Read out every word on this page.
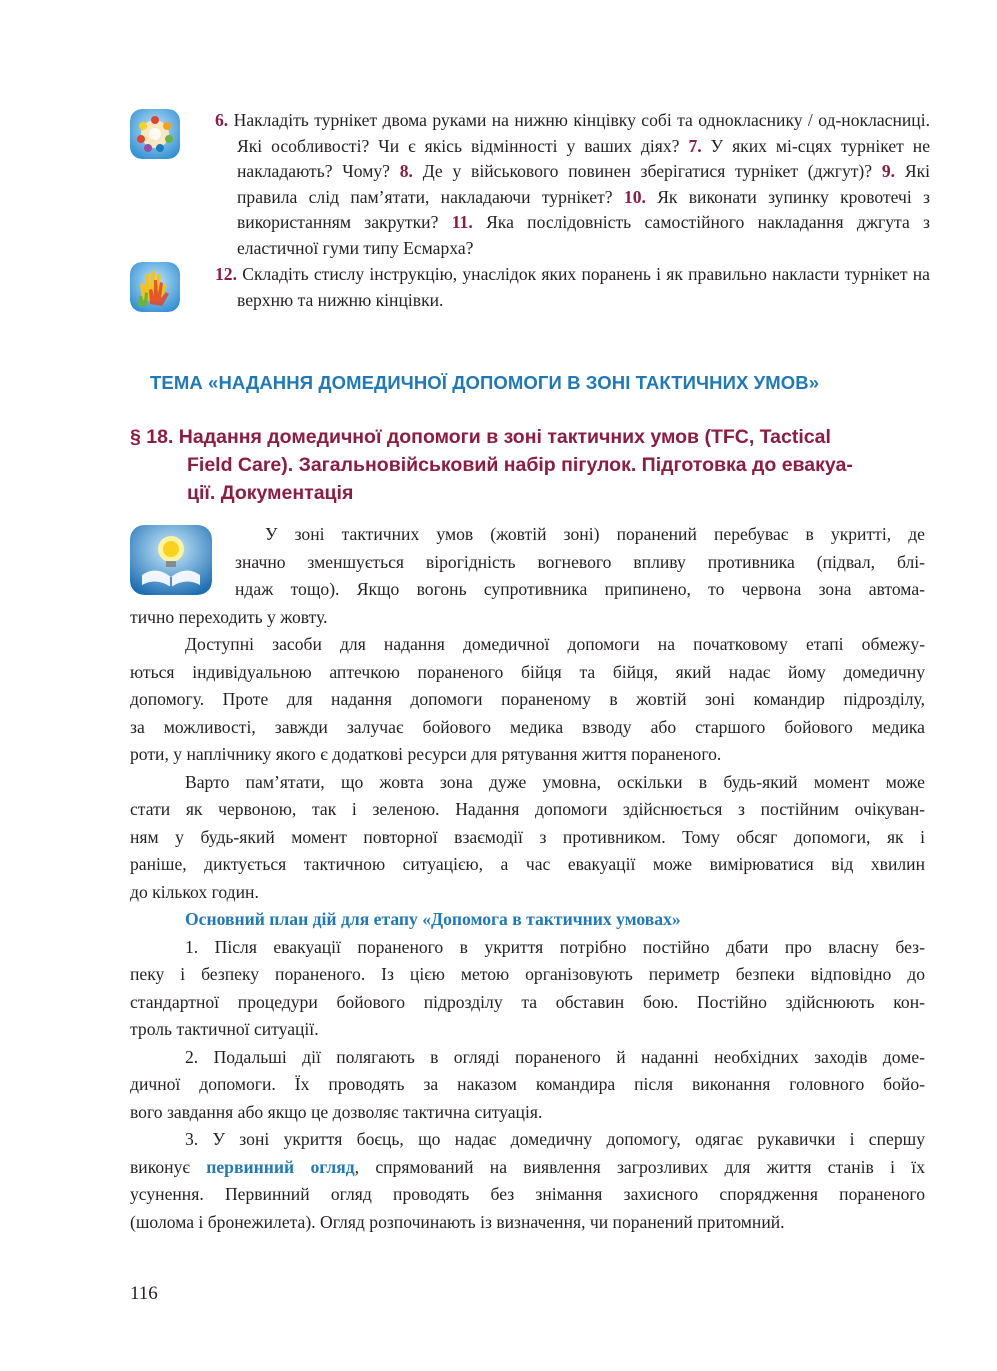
6. Накладіть турнікет двома руками на нижню кінцівку собі та однокласнику / од-нокласниці. Які особливості? Чи є якісь відмінності у ваших діях? 7. У яких мі-сцях турнікет не накладають? Чому? 8. Де у військового повинен зберігатися турнікет (джгут)? 9. Які правила слід пам’ятати, накладаючи турнікет? 10. Як виконати зупинку кровотечі з використанням закрутки? 11. Яка послідовність самостійного накладання джгута з еластичної гуми типу Есмарха?

12. Складіть стислу інструкцію, унаслідок яких поранень і як правильно накласти турнікет на верхню та нижню кінцівки.

ТЕМА «НАДАННЯ ДОМЕДИЧНОЇ ДОПОМОГИ В ЗОНІ ТАКТИЧНИХ УМОВ»
§ 18. Надання домедичної допомоги в зоні тактичних умов (TFC, Tactical
Field Care). Загальновійськовий набір пігулок. Підготовка до евакуа-
ції. Документація
У зоні тактичних умов (жовтій зоні) поранений перебуває в укритті, де
значно зменшується вірогідність вогневого впливу противника (підвал, блі-
ндаж тощо). Якщо вогонь супротивника припинено, то червона зона автома-
тично переходить у жовту.
Доступні засоби для надання домедичної допомоги на початковому етапі обмежу-
ються індивідуальною аптечкою пораненого бійця та бійця, який надає йому домедичну
допомогу. Проте для надання допомоги пораненому в жовтій зоні командир підрозділу,
за можливості, завжди залучає бойового медика взводу або старшого бойового медика
роти, у наплічнику якого є додаткові ресурси для рятування життя пораненого.
Варто пам’ятати, що жовта зона дуже умовна, оскільки в будь-який момент може
стати як червоною, так і зеленою. Надання допомоги здійснюється з постійним очікуван-
ням у будь-який момент повторної взаємодії з противником. Тому обсяг допомоги, як і
раніше, диктується тактичною ситуацією, а час евакуації може вимірюватися від хвилин
до кількох годин.
Основний план дій для етапу «Допомога в тактичних умовах»
1. Після евакуації пораненого в укриття потрібно постійно дбати про власну без-
пеку і безпеку пораненого. Із цією метою організовують периметр безпеки відповідно до
стандартної процедури бойового підрозділу та обставин бою. Постійно здійснюють кон-
троль тактичної ситуації.
2. Подальші дії полягають в огляді пораненого й наданні необхідних заходів доме-
дичної допомоги. Їх проводять за наказом командира після виконання головного бойо-
вого завдання або якщо це дозволяє тактична ситуація.
3. У зоні укриття боєць, що надає домедичну допомогу, одягає рукавички і спершу
виконує первинний огляд, спрямований на виявлення загрозливих для життя станів і їх
усунення. Первинний огляд проводять без знімання захисного спорядження пораненого
(шолома і бронежилета). Огляд розпочинають із визначення, чи поранений притомний.
116
